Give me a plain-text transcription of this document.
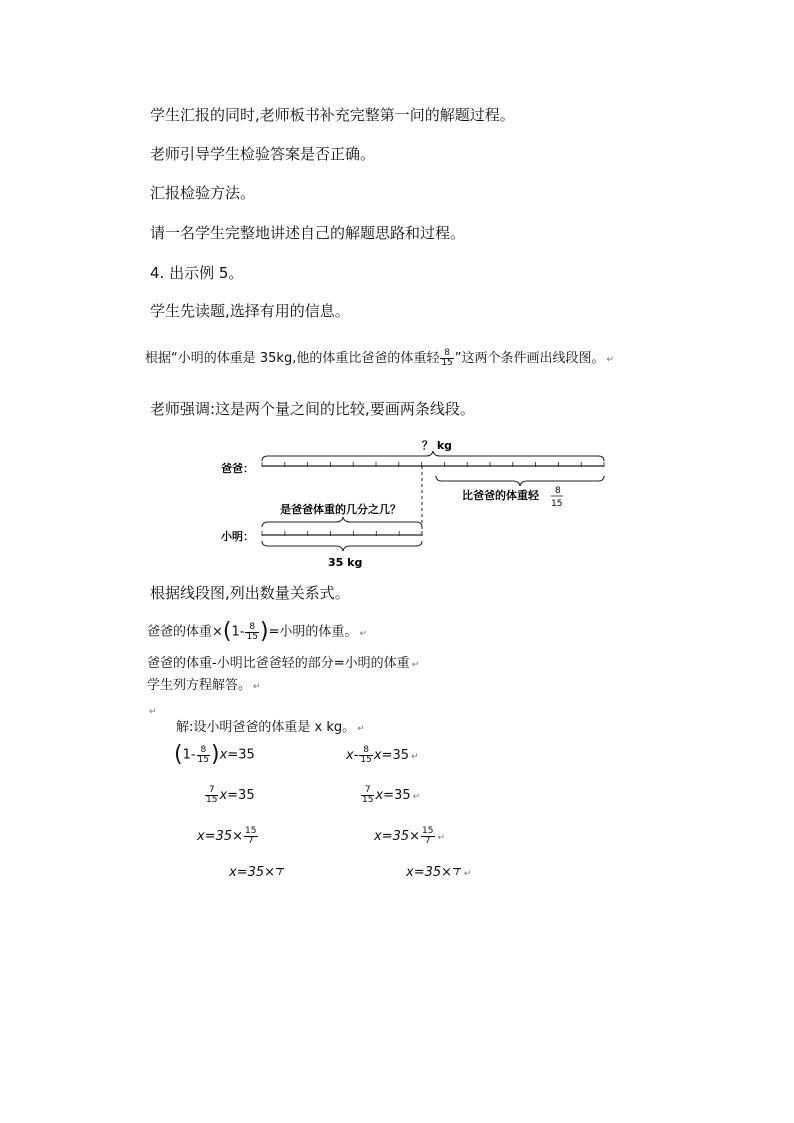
学生汇报的同时,老师板书补充完整第一问的解题过程。
老师引导学生检验答案是否正确。
汇报检验方法。
请一名学生完整地讲述自己的解题思路和过程。
4. 出示例 5。
学生先读题,选择有用的信息。
根据“小明的体重是 35kg,他的体重比爸爸的体重轻 $\frac{8}{15}$ ”这两个条件画出线段图。 ↵
老师强调:这是两个量之间的比较,要画两条线段。
？ kg
爸爸：
比爸爸的体重轻 8
15
是爸爸体重的几分之几？
小明：
35 kg
根据线段图,列出数量关系式。
爸爸的体重$\times(1- \frac{8}{15}$ )=小明的体重。 ↵
爸爸的体重-小明比爸爸轻的部分=小明的体重 ↵
学生列方程解答。 ↵
↵
解:设小明爸爸的体重是 x kg。 ↵
$(1- \frac{8}{15} )x=35$
$\frac{7}{15} x=35$
$x=35\times \frac{15}{7}$
x=35× 7
$x- \frac{8}{15} x=35$ ↵
$\frac{7}{15} x=35$ ↵
$x=35\times \frac{15}{7}$ ↵
x=35× 7 ↵
